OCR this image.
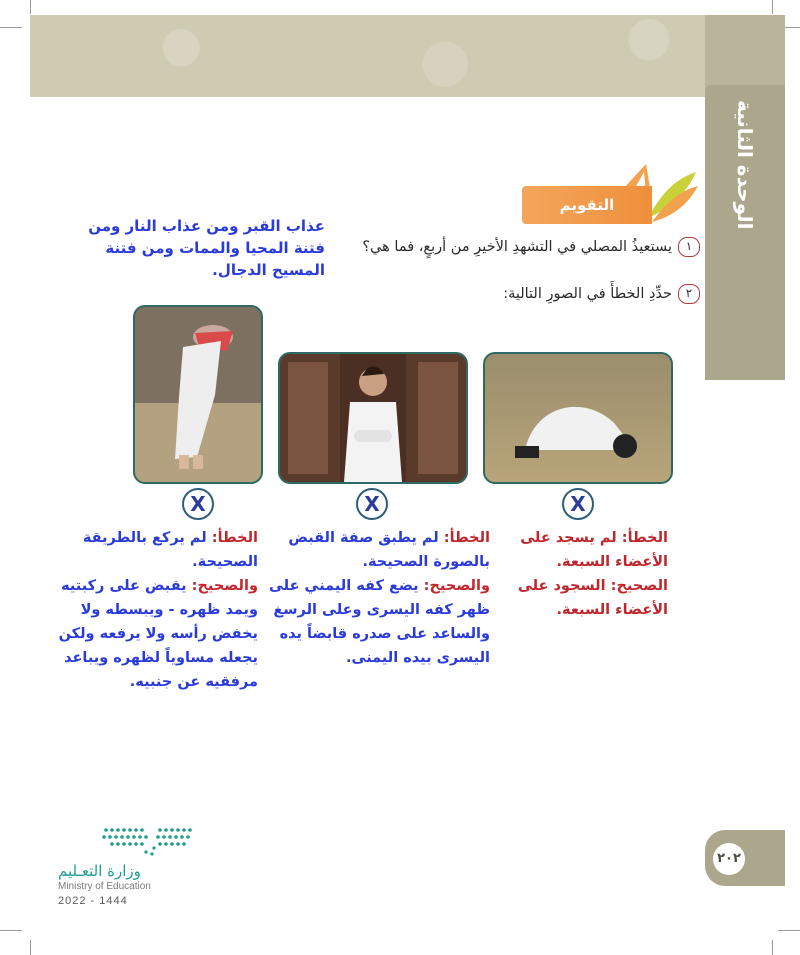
الوحدة الثانية
التقويم
عذاب القبر ومن عذاب النار ومن فتنة المحيا والممات ومن فتنة المسيح الدجال.
١يستعيذُ المصلي في التشهدِ الأخيرِ من أربعٍ، فما هي؟
٢حدِّدِ الخطأَ في الصورِ التالية:
X	X	X
الخطأ: لم يسجد على الأعضاء السبعة.
الصحيح: السجود على الأعضاء السبعة.
الخطأ: لم يطبق صفة القبض بالصورة الصحيحة.
والصحيح: يضع كفه اليمني على ظهر كفه اليسرى وعلى الرسغ والساعد على صدره قابضاً يده اليسرى بيده اليمنى.
الخطأ: لم يركع بالطريقة الصحيحة.
والصحيح: يقبض على ركبتيه ويمد ظهره - ويبسطه ولا يخفض رأسه ولا يرفعه ولكن يجعله مساوياً لظهره ويباعد مرفقيه عن جنبيه.
وزارة التعـليم
Ministry of Education
2022 - 1444
٢٠٢
